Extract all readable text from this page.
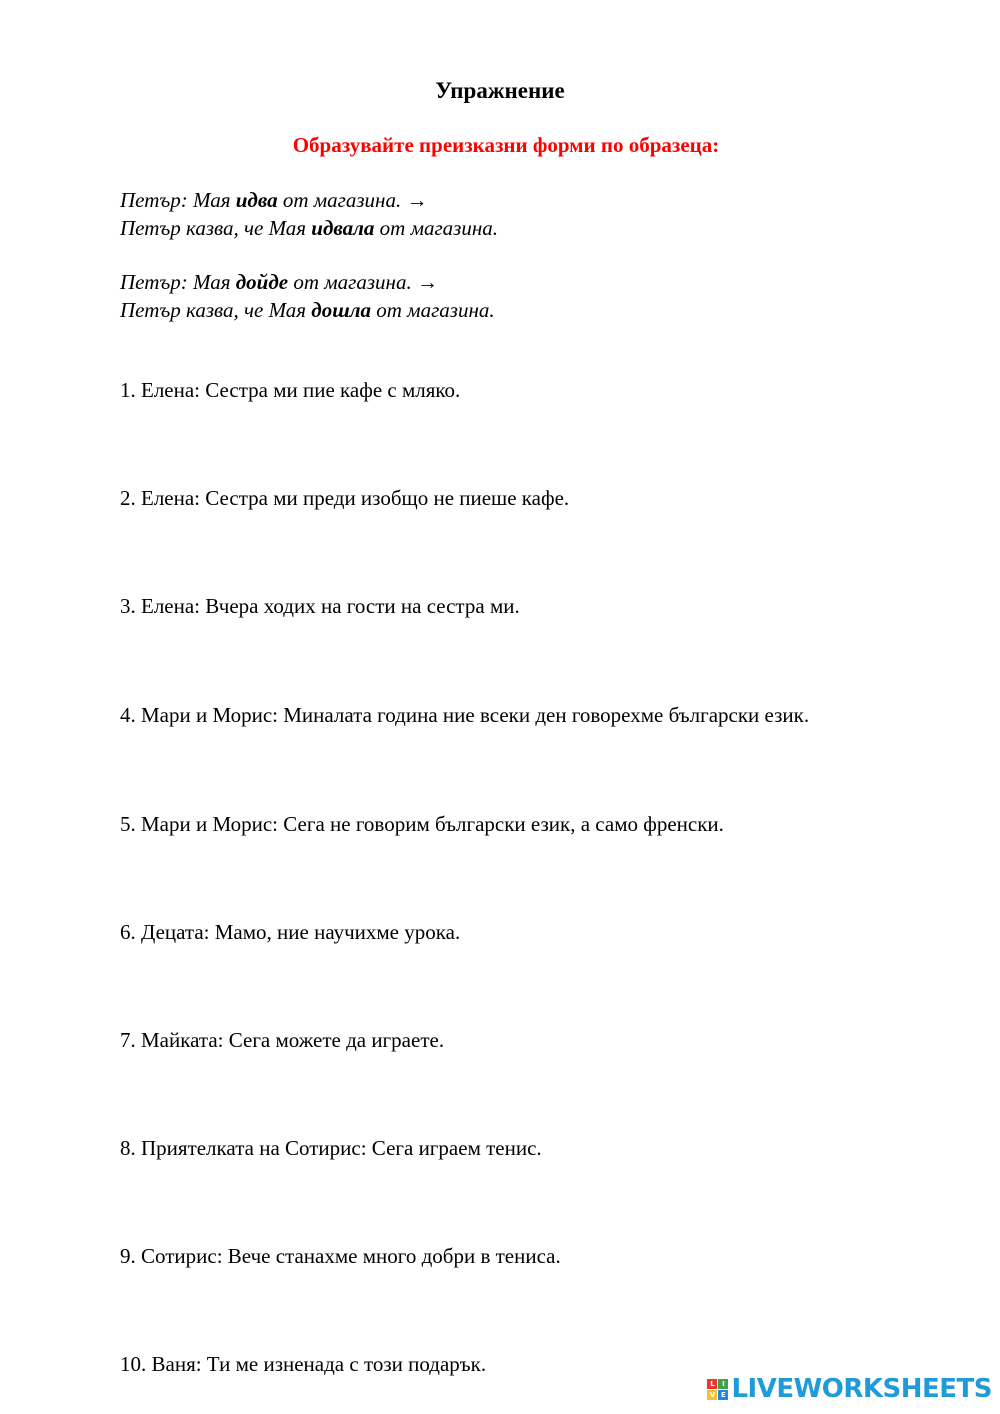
Упражнение
Образувайте преизказни форми по образеца:
Петър: Мая идва от магазина. →
Петър казва, че Мая идвала от магазина.
Петър: Мая дойде от магазина. →
Петър казва, че Мая дошла от магазина.
1. Елена: Сестра ми пие кафе с мляко.
2. Елена: Сестра ми преди изобщо не пиеше кафе.
3. Елена: Вчера ходих на гости на сестра ми.
4. Мари и Морис: Миналата година ние всеки ден говорехме български език.
5. Мари и Морис: Сега не говорим български език, а само френски.
6. Децата: Мамо, ние научихме урока.
7. Майката: Сега можете да играете.
8. Приятелката на Сотирис: Сега играем тенис.
9. Сотирис: Вече станахме много добри в тениса.
10. Ваня: Ти ме изненада с този подарък.
L	I
V E LIVEWORKSHEETS
